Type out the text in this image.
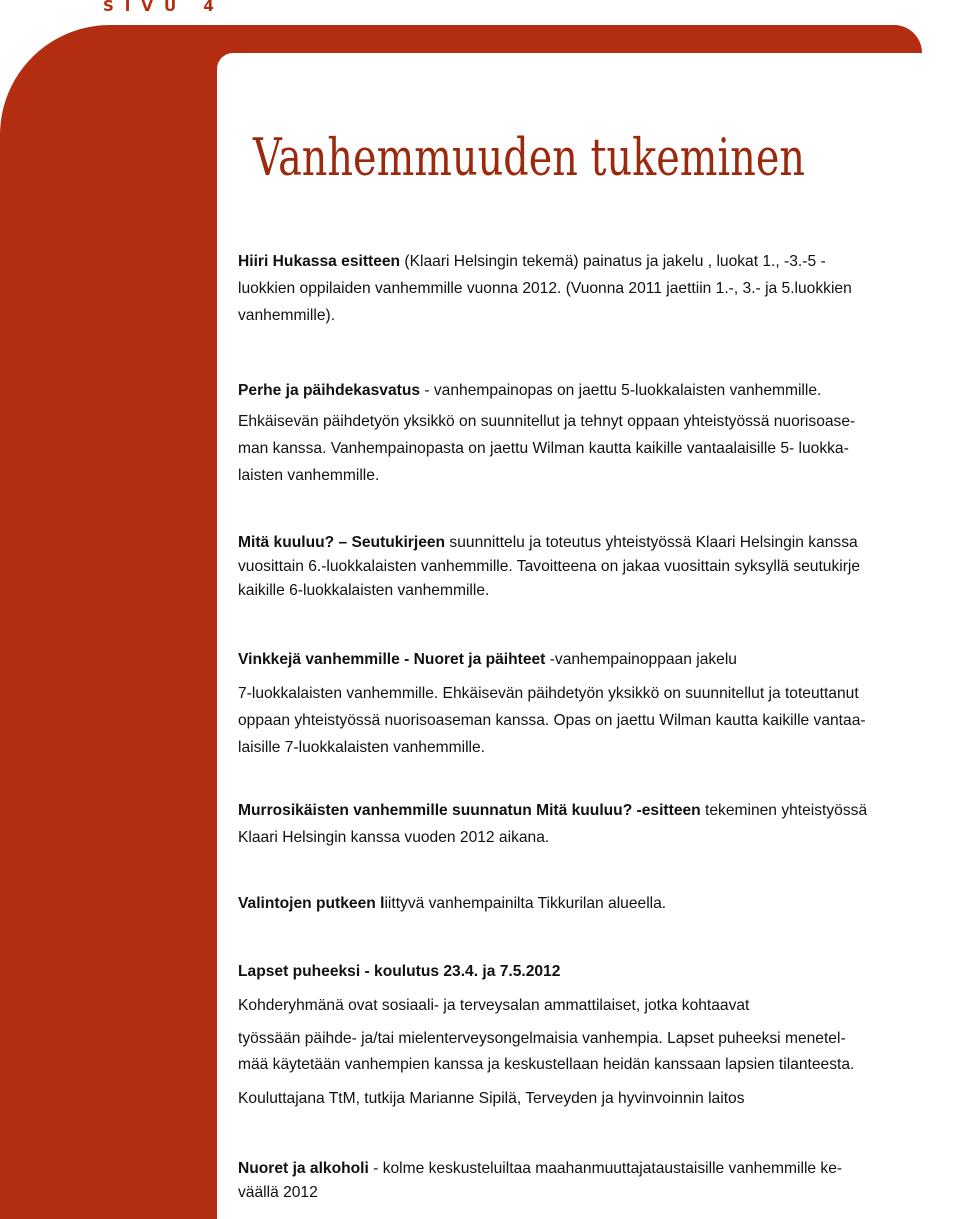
SIVU 4
Vanhemmuuden tukeminen
Hiiri Hukassa esitteen (Klaari Helsingin tekemä) painatus ja jakelu , luokat 1., -3.-5 -
luokkien oppilaiden vanhemmille vuonna 2012. (Vuonna 2011 jaettiin 1.-, 3.- ja 5.luokkien
vanhemmille).
Perhe ja päihdekasvatus - vanhempainopas on jaettu 5-luokkalaisten vanhemmille.
Ehkäisevän päihdetyön yksikkö on suunnitellut ja tehnyt oppaan yhteistyössä nuorisoase-
man kanssa. Vanhempainopasta on jaettu Wilman kautta kaikille vantaalaisille 5- luokka-
laisten vanhemmille.
Mitä kuuluu? – Seutukirjeen suunnittelu ja toteutus yhteistyössä Klaari Helsingin kanssa
vuosittain 6.-luokkalaisten vanhemmille. Tavoitteena on jakaa vuosittain syksyllä seutukirje
kaikille 6-luokkalaisten vanhemmille.
Vinkkejä vanhemmille - Nuoret ja päihteet -vanhempainoppaan jakelu
7-luokkalaisten vanhemmille. Ehkäisevän päihdetyön yksikkö on suunnitellut ja toteuttanut
oppaan yhteistyössä nuorisoaseman kanssa. Opas on jaettu Wilman kautta kaikille vantaa-
laisille 7-luokkalaisten vanhemmille.
Murrosikäisten vanhemmille suunnatun Mitä kuuluu? -esitteen tekeminen yhteistyössä
Klaari Helsingin kanssa vuoden 2012 aikana.
Valintojen putkeen liittyvä vanhempainilta Tikkurilan alueella.
Lapset puheeksi - koulutus 23.4. ja 7.5.2012
Kohderyhmänä ovat sosiaali- ja terveysalan ammattilaiset, jotka kohtaavat
työssään päihde- ja/tai mielenterveysongelmaisia vanhempia. Lapset puheeksi menetel-
mää käytetään vanhempien kanssa ja keskustellaan heidän kanssaan lapsien tilanteesta.
Kouluttajana TtM, tutkija Marianne Sipilä, Terveyden ja hyvinvoinnin laitos
Nuoret ja alkoholi - kolme keskusteluiltaa maahanmuuttajataustaisille vanhemmille ke-
väällä 2012
